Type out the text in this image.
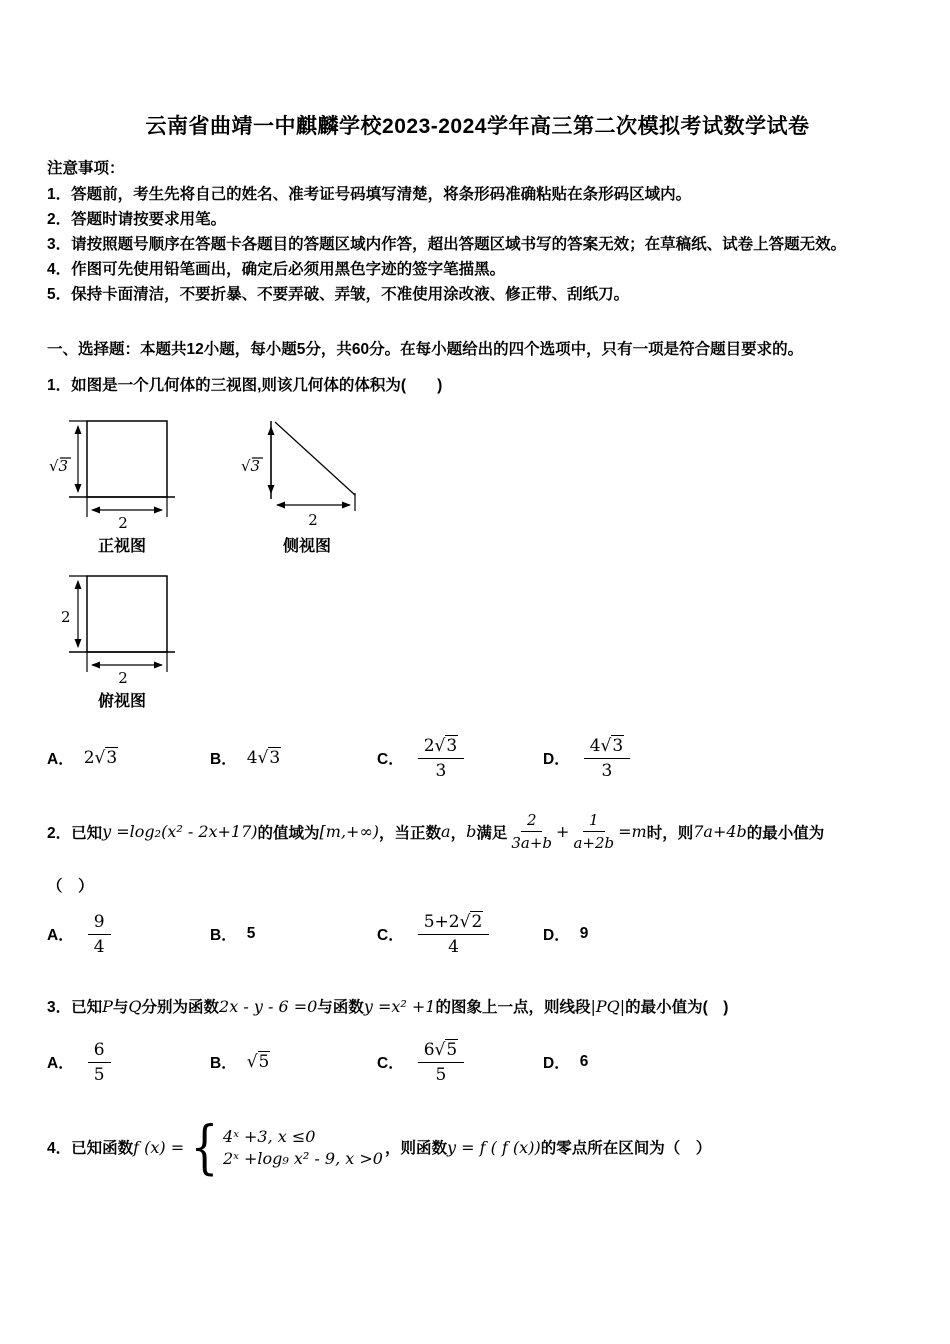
云南省曲靖一中麒麟学校2023-2024学年高三第二次模拟考试数学试卷

注意事项：

1．答题前，考生先将自己的姓名、准考证号码填写清楚，将条形码准确粘贴在条形码区域内。

2．答题时请按要求用笔。

3．请按照题号顺序在答题卡各题目的答题区域内作答，超出答题区域书写的答案无效；在草稿纸、试卷上答题无效。

4．作图可先使用铅笔画出，确定后必须用黑色字迹的签字笔描黑。

5．保持卡面清洁，不要折暴、不要弄破、弄皱，不准使用涂改液、修正带、刮纸刀。

一、选择题：本题共12小题，每小题5分，共60分。在每小题给出的四个选项中，只有一项是符合题目要求的。

1．如图是一个几何体的三视图,则该几何体的体积为(　　)

√3
2
正视图
√3
2
侧视图
2
2
俯视图
A． 2√3	B． 4√3	C． $\frac{2 √ 3}{3}$	D． $\frac{4 √ 3}{3}$
2．已知 y =log₂(x² - 2x+17) 的值域为 [m,+∞) ，当正数 a ， b 满足 $\frac{2}{3a+b} + \frac{1}{a+2b} =m$ 时，则 7a+4b 的最小值为

（　）

A． $\frac{9}{4}$	B． 5	C． $\frac{5+2 √ 2}{4}$	D． 9
3．已知 P 与 Q 分别为函数 2x - y - 6 =0 与函数 y =x² +1 的图象上一点，则线段 |PQ| 的最小值为(　)
A． $\frac{6}{5}$	B． √5	C． $\frac{6 √ 5}{5}$	D． 6
4．已知函数 f (x) = { 4ˣ +3, x ≤0
2ˣ +log₉ x² - 9, x >0 ，则函数 y = f ( f (x)) 的零点所在区间为（　）
